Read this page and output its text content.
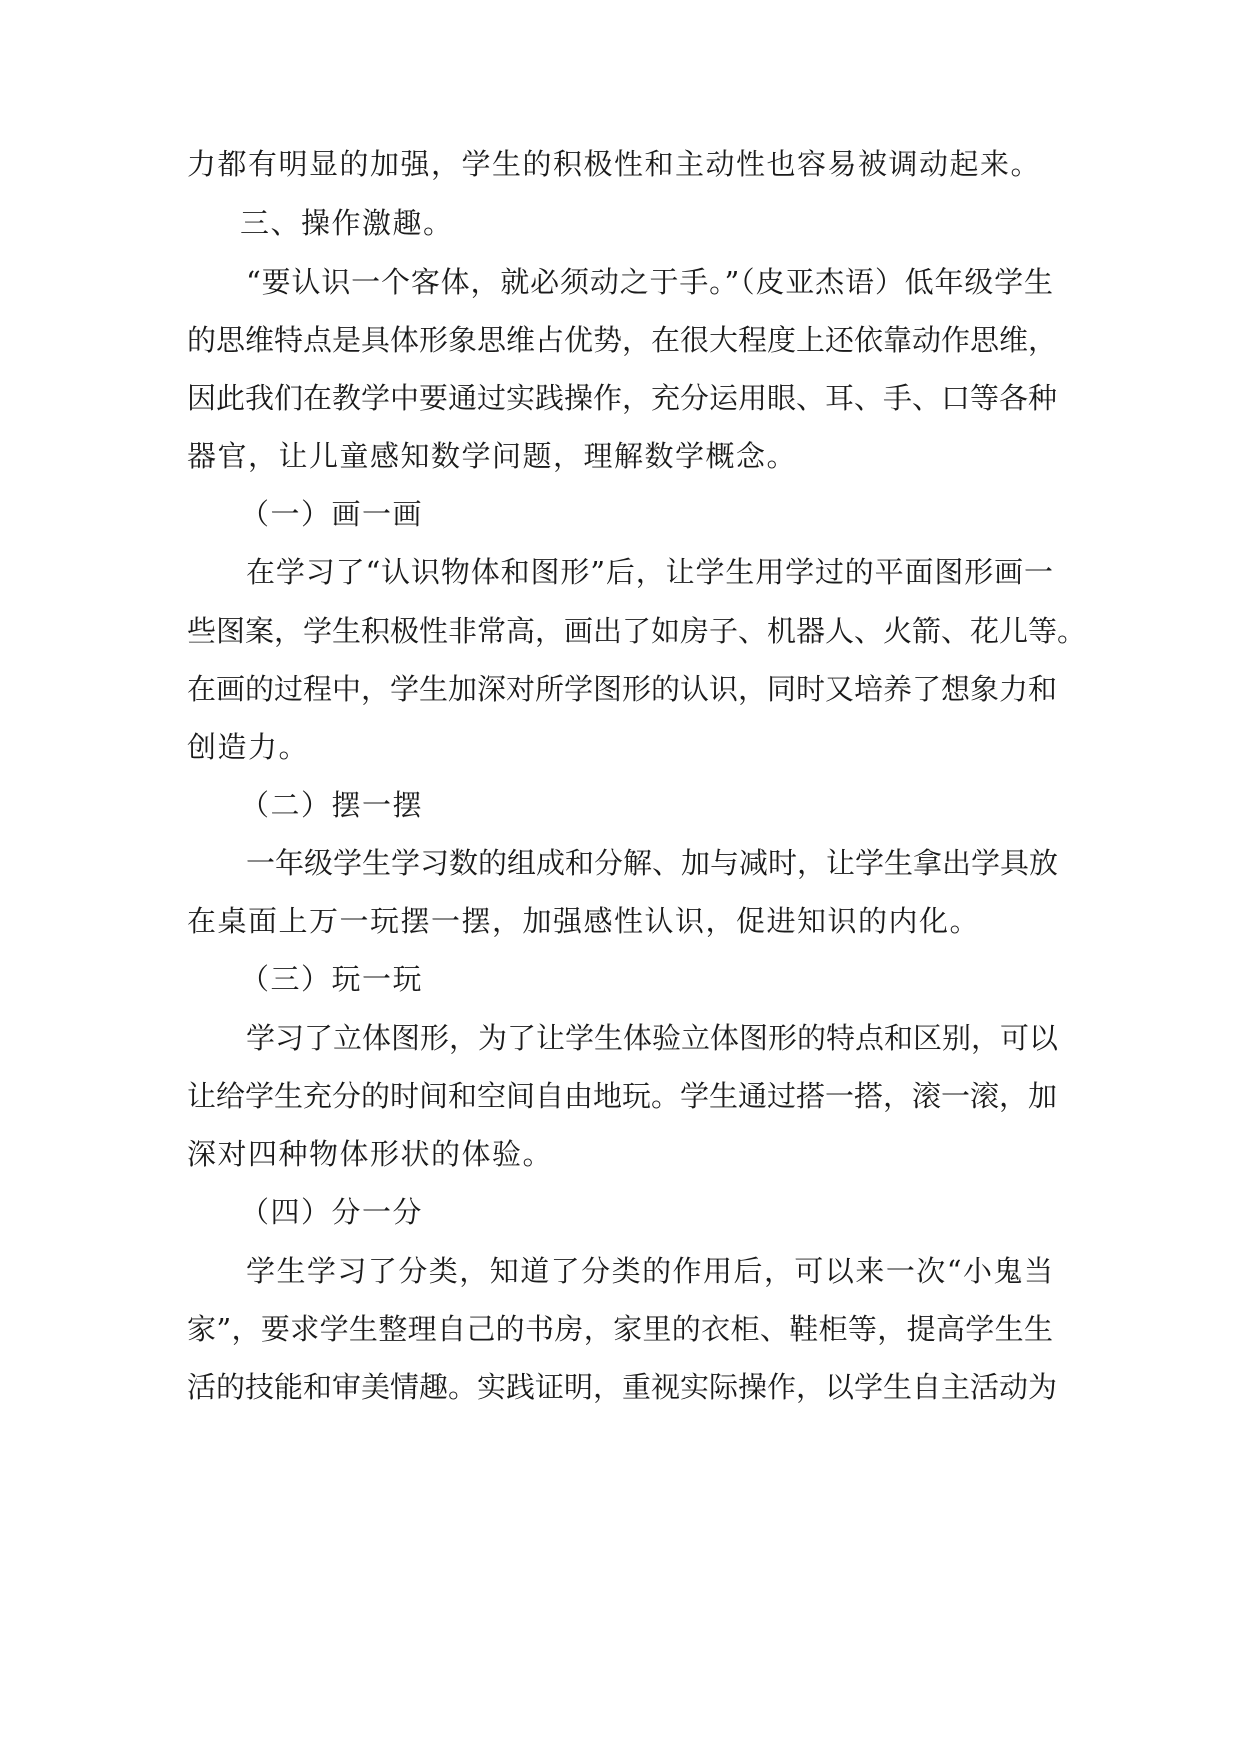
力都有明显的加强，学生的积极性和主动性也容易被调动起来。
三、操作激趣。
“要认识一个客体，就必须动之于手。”（皮亚杰语）低年级学生
的思维特点是具体形象思维占优势，在很大程度上还依靠动作思维，
因此我们在教学中要通过实践操作，充分运用眼、耳、手、口等各种
器官，让儿童感知数学问题，理解数学概念。
（一）画一画
在学习了“认识物体和图形”后，让学生用学过的平面图形画一
些图案，学生积极性非常高，画出了如房子、机器人、火箭、花儿等。
在画的过程中，学生加深对所学图形的认识，同时又培养了想象力和
创造力。
（二）摆一摆
一年级学生学习数的组成和分解、加与减时，让学生拿出学具放
在桌面上万一玩摆一摆，加强感性认识，促进知识的内化。
（三）玩一玩
学习了立体图形，为了让学生体验立体图形的特点和区别，可以
让给学生充分的时间和空间自由地玩。学生通过搭一搭，滚一滚，加
深对四种物体形状的体验。
（四）分一分
学生学习了分类，知道了分类的作用后，可以来一次“小鬼当
家”，要求学生整理自己的书房，家里的衣柜、鞋柜等，提高学生生
活的技能和审美情趣。实践证明，重视实际操作，以学生自主活动为
